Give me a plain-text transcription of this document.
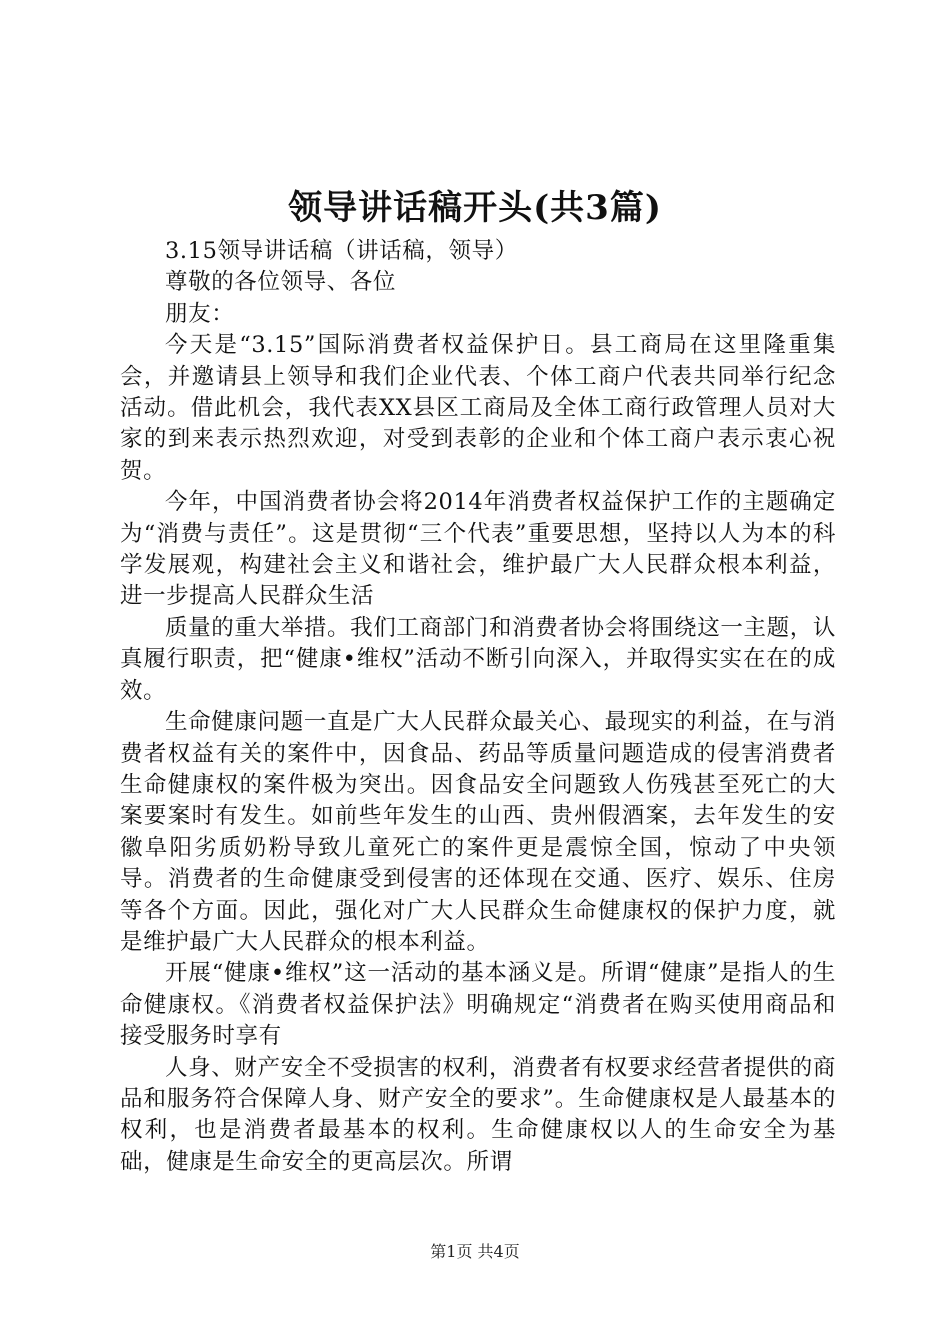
领导讲话稿开头(共3篇)

3.15领导讲话稿（讲话稿，领导）

尊敬的各位领导、各位

朋友：

今天是“3.15”国际消费者权益保护日。县工商局在这里隆重集会，并邀请县上领导和我们企业代表、个体工商户代表共同举行纪念活动。借此机会，我代表XX县区工商局及全体工商行政管理人员对大家的到来表示热烈欢迎，对受到表彰的企业和个体工商户表示衷心祝贺。

今年，中国消费者协会将2014年消费者权益保护工作的主题确定为“消费与责任”。这是贯彻“三个代表”重要思想，坚持以人为本的科学发展观，构建社会主义和谐社会，维护最广大人民群众根本利益，进一步提高人民群众生活

质量的重大举措。我们工商部门和消费者协会将围绕这一主题，认真履行职责，把“健康•维权”活动不断引向深入，并取得实实在在的成效。

生命健康问题一直是广大人民群众最关心、最现实的利益，在与消费者权益有关的案件中，因食品、药品等质量问题造成的侵害消费者生命健康权的案件极为突出。因食品安全问题致人伤残甚至死亡的大案要案时有发生。如前些年发生的山西、贵州假酒案，去年发生的安徽阜阳劣质奶粉导致儿童死亡的案件更是震惊全国，惊动了中央领导。消费者的生命健康受到侵害的还体现在交通、医疗、娱乐、住房等各个方面。因此，强化对广大人民群众生命健康权的保护力度，就是维护最广大人民群众的根本利益。

开展“健康•维权”这一活动的基本涵义是。所谓“健康”是指人的生命健康权。《消费者权益保护法》明确规定“消费者在购买使用商品和接受服务时享有

人身、财产安全不受损害的权利，消费者有权要求经营者提供的商品和服务符合保障人身、财产安全的要求”。生命健康权是人最基本的权利，也是消费者最基本的权利。生命健康权以人的生命安全为基础，健康是生命安全的更高层次。所谓

第1页 共4页
